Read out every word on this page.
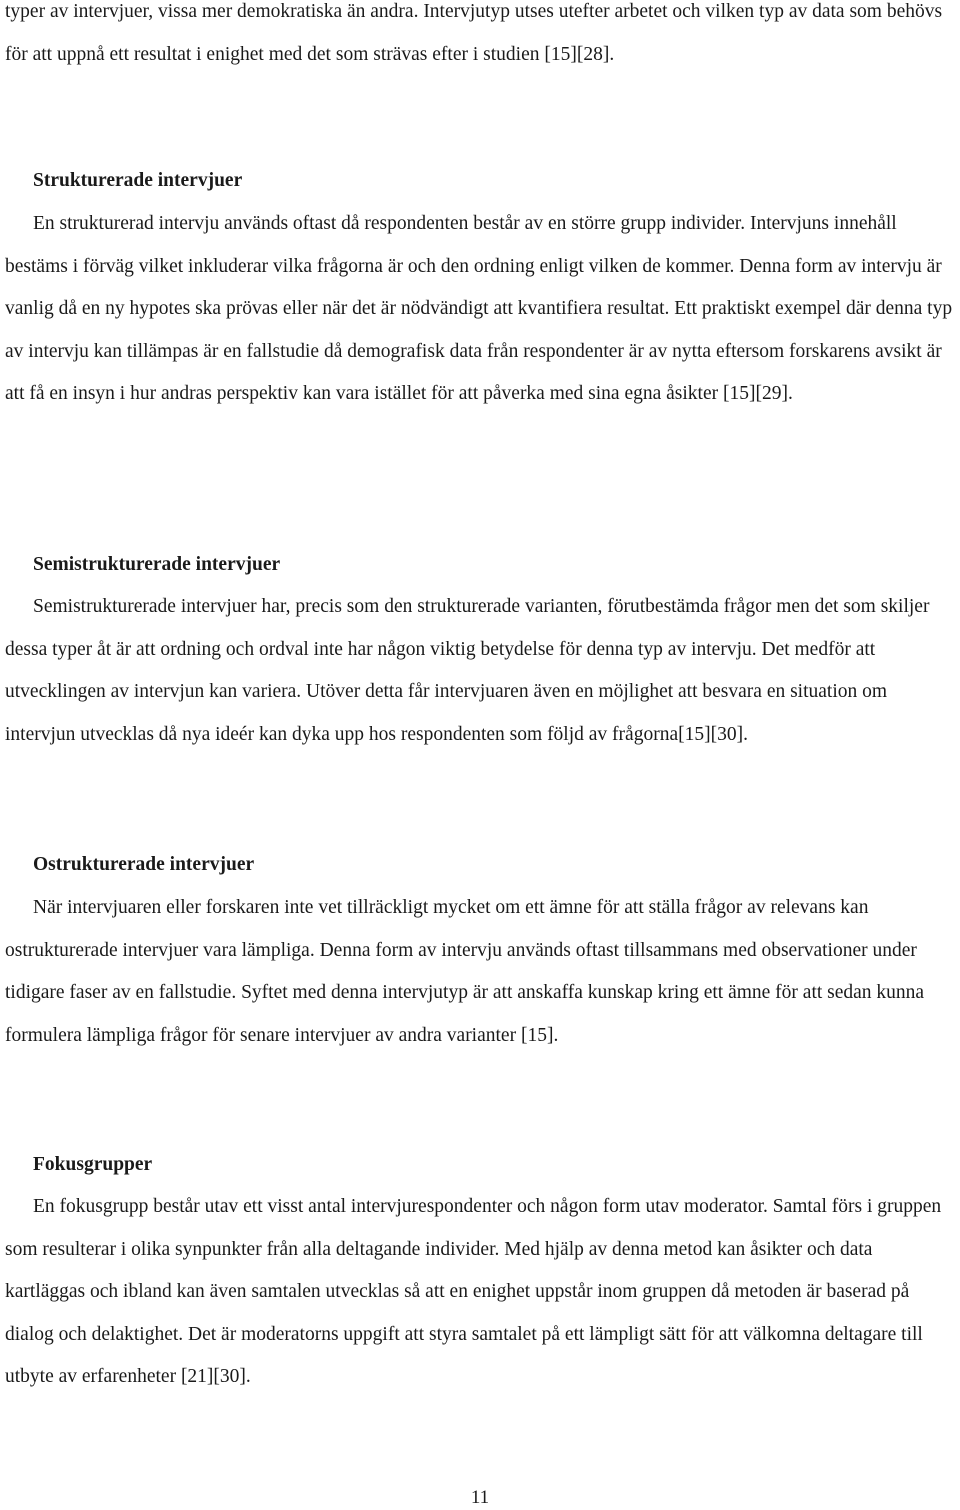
typer av intervjuer, vissa mer demokratiska än andra. Intervjutyp utses utefter arbetet och vilken typ av data som behövs för att uppnå ett resultat i enighet med det som strävas efter i studien [15][28].

Strukturerade intervjuer

En strukturerad intervju används oftast då respondenten består av en större grupp individer. Intervjuns innehåll bestäms i förväg vilket inkluderar vilka frågorna är och den ordning enligt vilken de kommer. Denna form av intervju är vanlig då en ny hypotes ska prövas eller när det är nödvändigt att kvantifiera resultat. Ett praktiskt exempel där denna typ av intervju kan tillämpas är en fallstudie då demografisk data från respondenter är av nytta eftersom forskarens avsikt är att få en insyn i hur andras perspektiv kan vara istället för att påverka med sina egna åsikter [15][29].

Semistrukturerade intervjuer

Semistrukturerade intervjuer har, precis som den strukturerade varianten, förutbestämda frågor men det som skiljer dessa typer åt är att ordning och ordval inte har någon viktig betydelse för denna typ av intervju. Det medför att utvecklingen av intervjun kan variera. Utöver detta får intervjuaren även en möjlighet att besvara en situation om intervjun utvecklas då nya ideér kan dyka upp hos respondenten som följd av frågorna[15][30].

Ostrukturerade intervjuer

När intervjuaren eller forskaren inte vet tillräckligt mycket om ett ämne för att ställa frågor av relevans kan ostrukturerade intervjuer vara lämpliga. Denna form av intervju används oftast tillsammans med observationer under tidigare faser av en fallstudie. Syftet med denna intervjutyp är att anskaffa kunskap kring ett ämne för att sedan kunna formulera lämpliga frågor för senare intervjuer av andra varianter [15].

Fokusgrupper

En fokusgrupp består utav ett visst antal intervjurespondenter och någon form utav moderator. Samtal förs i gruppen som resulterar i olika synpunkter från alla deltagande individer. Med hjälp av denna metod kan åsikter och data kartläggas och ibland kan även samtalen utvecklas så att en enighet uppstår inom gruppen då metoden är baserad på dialog och delaktighet. Det är moderatorns uppgift att styra samtalet på ett lämpligt sätt för att välkomna deltagare till utbyte av erfarenheter [21][30].

11
